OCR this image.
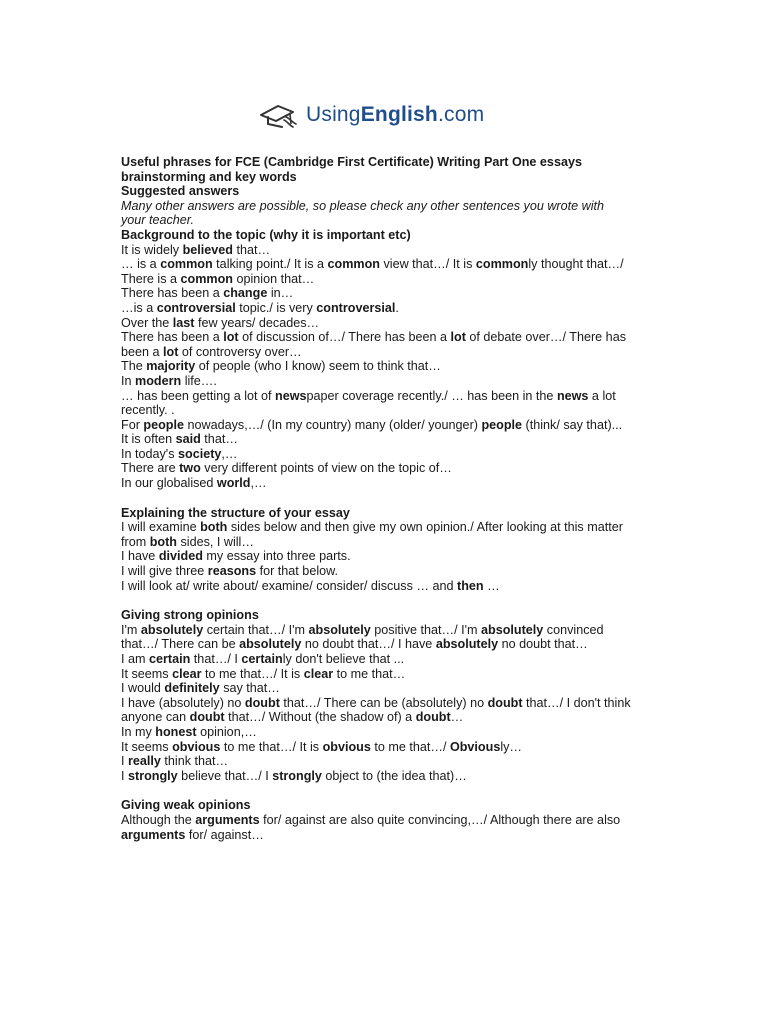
UsingEnglish.com

Useful phrases for FCE (Cambridge First Certificate) Writing Part One essays brainstorming and key words

Suggested answers

Many other answers are possible, so please check any other sentences you wrote with your teacher.

Background to the topic (why it is important etc)

It is widely believed that…

… is a common talking point./ It is a common view that…/ It is commonly thought that…/ There is a common opinion that…

There has been a change in…

…is a controversial topic./ is very controversial.

Over the last few years/ decades…

There has been a lot of discussion of…/ There has been a lot of debate over…/ There has been a lot of controversy over…

The majority of people (who I know) seem to think that…

In modern life….

… has been getting a lot of newspaper coverage recently./ … has been in the news a lot recently. .

For people nowadays,…/ (In my country) many (older/ younger) people (think/ say that)...

It is often said that…

In today's society,…

There are two very different points of view on the topic of…

In our globalised world,…

Explaining the structure of your essay

I will examine both sides below and then give my own opinion./ After looking at this matter from both sides, I will…

I have divided my essay into three parts.

I will give three reasons for that below.

I will look at/ write about/ examine/ consider/ discuss … and then …

Giving strong opinions

I'm absolutely certain that…/ I'm absolutely positive that…/ I'm absolutely convinced that…/ There can be absolutely no doubt that…/ I have absolutely no doubt that…

I am certain that…/ I certainly don't believe that ...

It seems clear to me that…/ It is clear to me that…

I would definitely say that…

I have (absolutely) no doubt that…/ There can be (absolutely) no doubt that…/ I don't think anyone can doubt that…/ Without (the shadow of) a doubt…

In my honest opinion,…

It seems obvious to me that…/ It is obvious to me that…/ Obviously…

I really think that…

I strongly believe that…/ I strongly object to (the idea that)…

Giving weak opinions

Although the arguments for/ against are also quite convincing,…/ Although there are also arguments for/ against…
